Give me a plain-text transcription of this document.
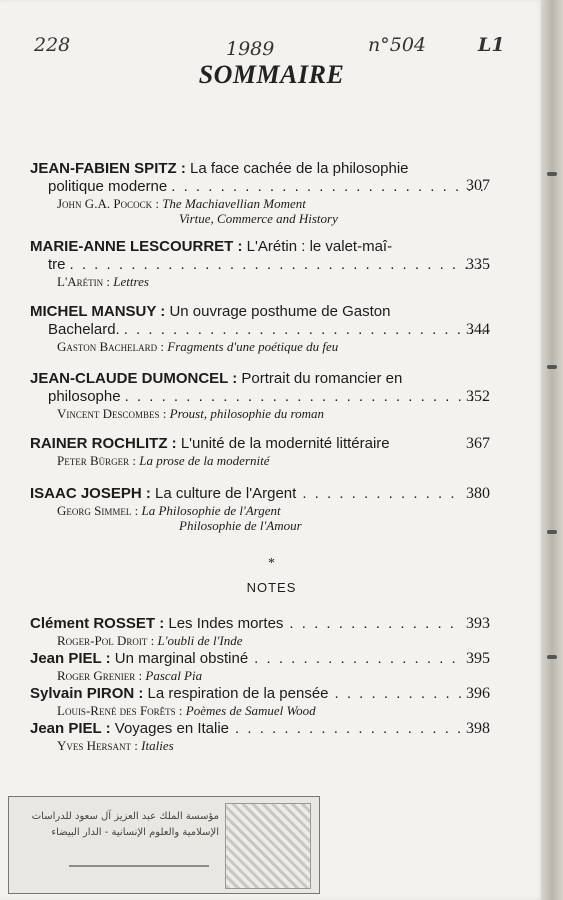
228	1989	n°504	L1
SOMMAIRE
JEAN-FABIEN SPITZ : La face cachée de la philosophie
politique moderne . . .	307
John G.A. Pocock : The Machiavellian Moment
Virtue, Commerce and History
MARIE-ANNE LESCOURRET : L'Arétin : le valet-maî-
tre . . .	335
L'Arétin : Lettres
MICHEL MANSUY : Un ouvrage posthume de Gaston
Bachelard. . . .	344
Gaston Bachelard : Fragments d'une poétique du feu
JEAN-CLAUDE DUMONCEL : Portrait du romancier en
philosophe . . .	352
Vincent Descombes : Proust, philosophie du roman
RAINER ROCHLITZ : L'unité de la modernité littéraire	367
Peter Bürger : La prose de la modernité
ISAAC JOSEPH : La culture de l'Argent . . .	380
Georg Simmel : La Philosophie de l'Argent
Philosophie de l'Amour
*
NOTES
Clément ROSSET : Les Indes mortes . . .	393
Roger-Pol Droit : L'oubli de l'Inde
Jean PIEL : Un marginal obstiné . . .	395
Roger Grenier : Pascal Pia
Sylvain PIRON : La respiration de la pensée . . .	396
Louis-René des Forêts : Poèmes de Samuel Wood
Jean PIEL : Voyages en Italie . . .	398
Yves Hersant : Italies
مؤسسة الملك عبد العزيز آل سعود للدراسات الإسلامية والعلوم الإنسانية - الدار البيضاء
